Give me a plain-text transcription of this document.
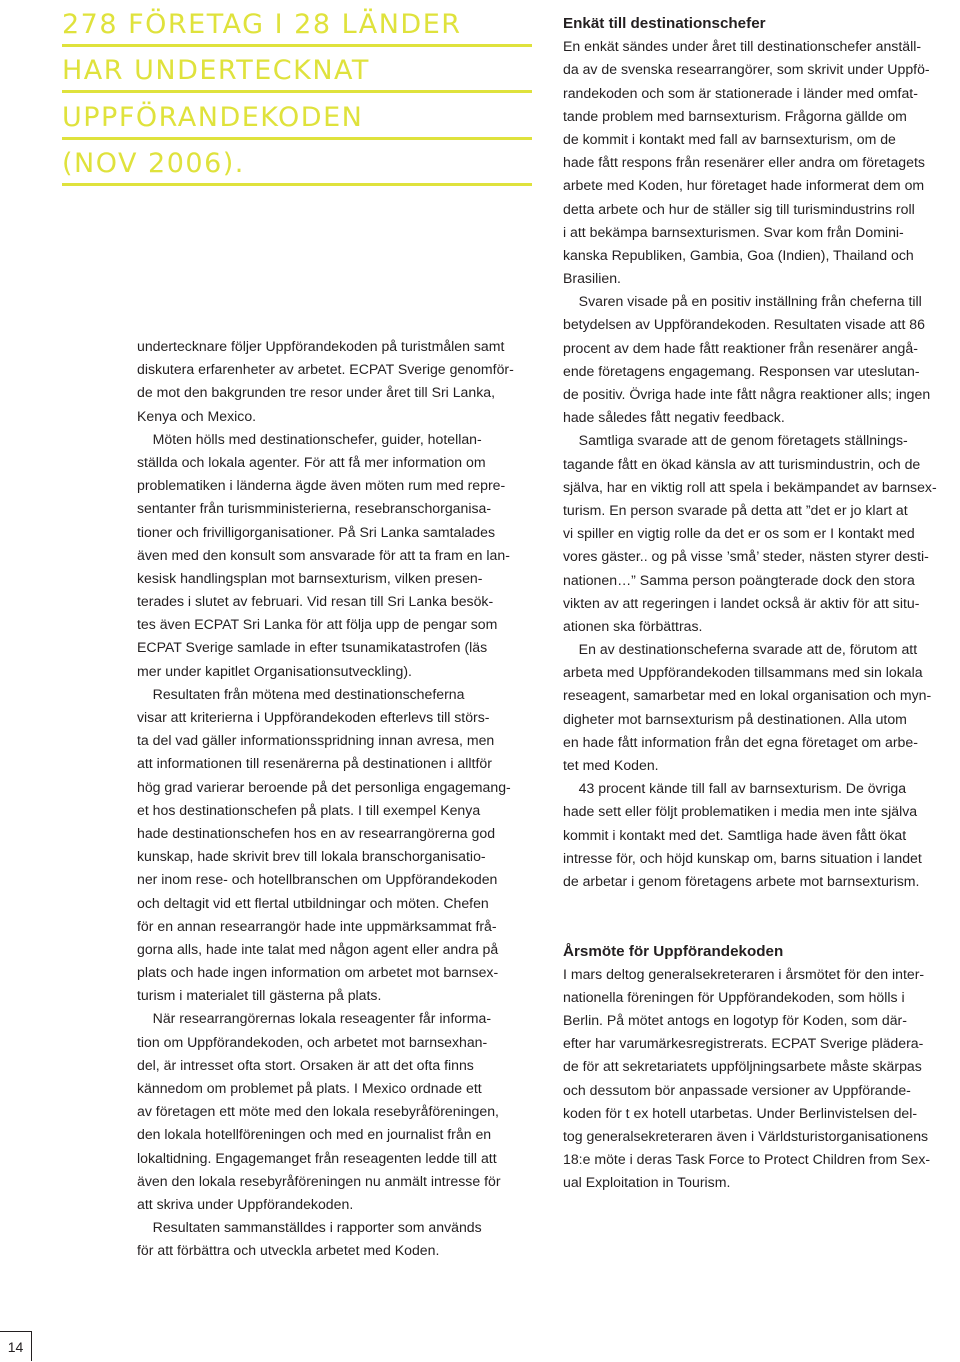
278 FÖRETAG I 28 LÄNDER
HAR UNDERTECKNAT
UPPFÖRANDEKODEN
(NOV 2006).
undertecknare följer Uppförandekoden på turistmålen samt
diskutera erfarenheter av arbetet. ECPAT Sverige genomför-
de mot den bakgrunden tre resor under året till Sri Lanka,
Kenya och Mexico.
Möten hölls med destinationschefer, guider, hotellan-
ställda och lokala agenter. För att få mer information om
problematiken i länderna ägde även möten rum med repre-
sentanter från turismministerierna, resebranschorganisa-
tioner och frivilligorganisationer. På Sri Lanka samtalades
även med den konsult som ansvarade för att ta fram en lan-
kesisk handlingsplan mot barnsexturism, vilken presen-
terades i slutet av februari. Vid resan till Sri Lanka besök-
tes även ECPAT Sri Lanka för att följa upp de pengar som
ECPAT Sverige samlade in efter tsunamikatastrofen (läs
mer under kapitlet Organisationsutveckling).
Resultaten från mötena med destinationscheferna
visar att kriterierna i Uppförandekoden efterlevs till störs-
ta del vad gäller informationsspridning innan avresa, men
att informationen till resenärerna på destinationen i alltför
hög grad varierar beroende på det personliga engagemang-
et hos destinationschefen på plats. I till exempel Kenya
hade destinationschefen hos en av researrangörerna god
kunskap, hade skrivit brev till lokala branschorganisatio-
ner inom rese- och hotellbranschen om Uppförandekoden
och deltagit vid ett flertal utbildningar och möten. Chefen
för en annan researrangör hade inte uppmärksammat frå-
gorna alls, hade inte talat med någon agent eller andra på
plats och hade ingen information om arbetet mot barnsex-
turism i materialet till gästerna på plats.
När researrangörernas lokala reseagenter får informa-
tion om Uppförandekoden, och arbetet mot barnsexhan-
del, är intresset ofta stort. Orsaken är att det ofta finns
kännedom om problemet på plats. I Mexico ordnade ett
av företagen ett möte med den lokala resebyråföreningen,
den lokala hotellföreningen och med en journalist från en
lokaltidning. Engagemanget från reseagenten ledde till att
även den lokala resebyråföreningen nu anmält intresse för
att skriva under Uppförandekoden.
Resultaten sammanställdes i rapporter som används
för att förbättra och utveckla arbetet med Koden.
Enkät till destinationschefer
En enkät sändes under året till destinationschefer anställ-
da av de svenska researrangörer, som skrivit under Uppfö-
randekoden och som är stationerade i länder med omfat-
tande problem med barnsexturism. Frågorna gällde om
de kommit i kontakt med fall av barnsexturism, om de
hade fått respons från resenärer eller andra om företagets
arbete med Koden, hur företaget hade informerat dem om
detta arbete och hur de ställer sig till turismindustrins roll
i att bekämpa barnsexturismen. Svar kom från Domini-
kanska Republiken, Gambia, Goa (Indien), Thailand och
Brasilien.
Svaren visade på en positiv inställning från cheferna till
betydelsen av Uppförandekoden. Resultaten visade att 86
procent av dem hade fått reaktioner från resenärer angå-
ende företagens engagemang. Responsen var uteslutan-
de positiv. Övriga hade inte fått några reaktioner alls; ingen
hade således fått negativ feedback.
Samtliga svarade att de genom företagets ställnings-
tagande fått en ökad känsla av att turismindustrin, och de
själva, har en viktig roll att spela i bekämpandet av barnsex-
turism. En person svarade på detta att ”det er jo klart at
vi spiller en vigtig rolle da det er os som er I kontakt med
vores gäster.. og på visse ’små’ steder, nästen styrer desti-
nationen…” Samma person poängterade dock den stora
vikten av att regeringen i landet också är aktiv för att situ-
ationen ska förbättras.
En av destinationscheferna svarade att de, förutom att
arbeta med Uppförandekoden tillsammans med sin lokala
reseagent, samarbetar med en lokal organisation och myn-
digheter mot barnsexturism på destinationen. Alla utom
en hade fått information från det egna företaget om arbe-
tet med Koden.
43 procent kände till fall av barnsexturism. De övriga
hade sett eller följt problematiken i media men inte själva
kommit i kontakt med det. Samtliga hade även fått ökat
intresse för, och höjd kunskap om, barns situation i landet
de arbetar i genom företagens arbete mot barnsexturism.
Årsmöte för Uppförandekoden
I mars deltog generalsekreteraren i årsmötet för den inter-
nationella föreningen för Uppförandekoden, som hölls i
Berlin. På mötet antogs en logotyp för Koden, som där-
efter har varumärkesregistrerats. ECPAT Sverige plädera-
de för att sekretariatets uppföljningsarbete måste skärpas
och dessutom bör anpassade versioner av Uppförande-
koden för t ex hotell utarbetas. Under Berlinvistelsen del-
tog generalsekreteraren även i Världsturistorganisationens
18:e möte i deras Task Force to Protect Children from Sex-
ual Exploitation in Tourism.
14
